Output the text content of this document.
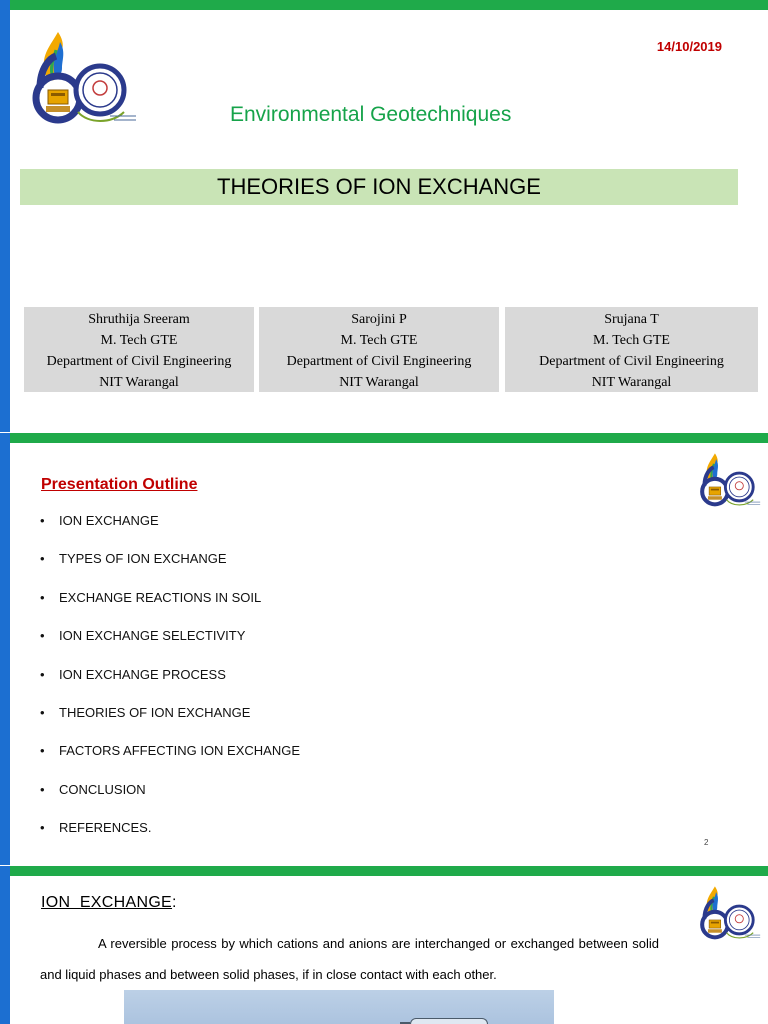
14/10/2019
Environmental Geotechniques
THEORIES OF ION EXCHANGE
Shruthija Sreeram
M. Tech GTE
Department of Civil Engineering
NIT Warangal
Sarojini P
M. Tech GTE
Department of Civil Engineering
NIT Warangal
Srujana T
M. Tech GTE
Department of Civil Engineering
NIT Warangal
Presentation Outline
•	ION EXCHANGE
•	TYPES OF ION EXCHANGE
•	EXCHANGE REACTIONS IN SOIL
•	ION EXCHANGE SELECTIVITY
•	ION EXCHANGE PROCESS
•	THEORIES OF ION EXCHANGE
•	FACTORS AFFECTING ION EXCHANGE
•	CONCLUSION
•	REFERENCES.
2
ION  EXCHANGE:
A reversible process by which cations and anions are interchanged or exchanged between solid and liquid phases and between solid phases, if in close contact with each other.
